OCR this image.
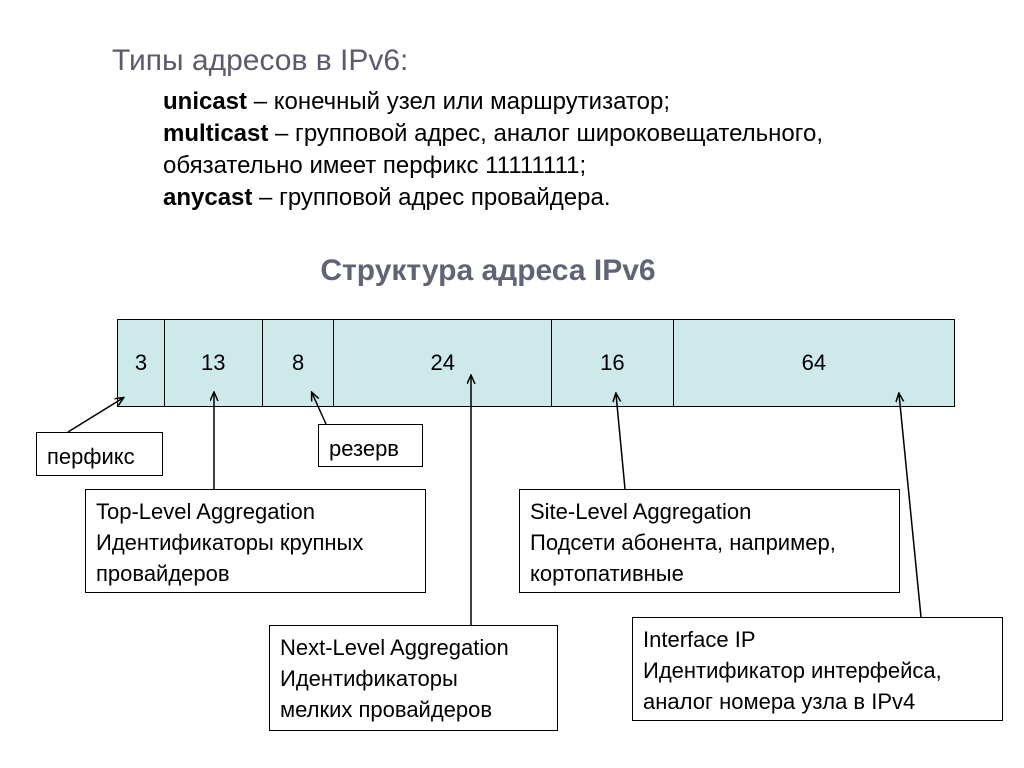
Типы адресов в IPv6:
unicast – конечный узел или маршрутизатор;
multicast – групповой адрес, аналог широковещательного,
обязательно имеет перфикс 11111111;
anycast – групповой адрес провайдера.
Структура адреса IPv6
3	13	8	24	16	64
перфикс	резерв
Top-Level Aggregation
Идентификаторы крупных
провайдеров
Site-Level Aggregation
Подсети абонента, например,
кортопативные
Next-Level Aggregation
Идентификаторы
мелких провайдеров
Interface IP
Идентификатор интерфейса,
аналог номера узла в IPv4
